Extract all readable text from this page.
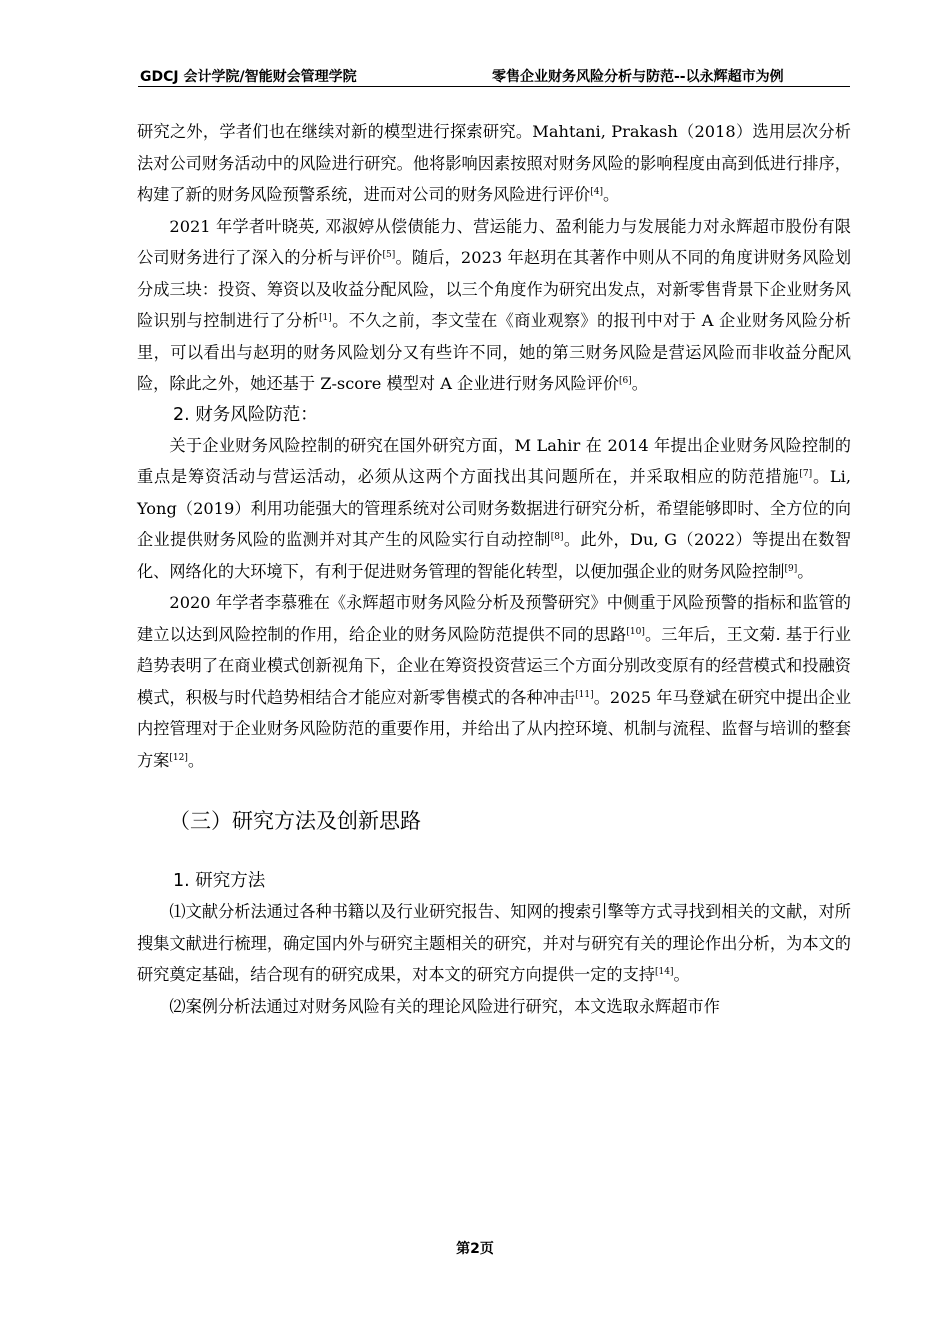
GDCJ 会计学院/智能财会管理学院	零售企业财务风险分析与防范--以永辉超市为例

研究之外，学者们也在继续对新的模型进行探索研究。Mahtani, Prakash（2018）选用层次分析法对公司财务活动中的风险进行研究。他将影响因素按照对财务风险的影响程度由高到低进行排序，构建了新的财务风险预警系统，进而对公司的财务风险进行评价[4]。

2021 年学者叶晓英, 邓淑婷从偿债能力、营运能力、盈利能力与发展能力对永辉超市股份有限公司财务进行了深入的分析与评价[5]。随后，2023 年赵玥在其著作中则从不同的角度讲财务风险划分成三块：投资、筹资以及收益分配风险，以三个角度作为研究出发点，对新零售背景下企业财务风险识别与控制进行了分析[1]。不久之前，李文莹在《商业观察》的报刊中对于 A 企业财务风险分析里，可以看出与赵玥的财务风险划分又有些许不同，她的第三财务风险是营运风险而非收益分配风险，除此之外，她还基于 Z-score 模型对 A 企业进行财务风险评价[6]。

2. 财务风险防范：

关于企业财务风险控制的研究在国外研究方面，M Lahir 在 2014 年提出企业财务风险控制的重点是筹资活动与营运活动，必须从这两个方面找出其问题所在，并采取相应的防范措施[7]。Li, Yong（2019）利用功能强大的管理系统对公司财务数据进行研究分析，希望能够即时、全方位的向企业提供财务风险的监测并对其产生的风险实行自动控制[8]。此外，Du, G（2022）等提出在数智化、网络化的大环境下，有利于促进财务管理的智能化转型，以便加强企业的财务风险控制[9]。

2020 年学者李慕雅在《永辉超市财务风险分析及预警研究》中侧重于风险预警的指标和监管的建立以达到风险控制的作用，给企业的财务风险防范提供不同的思路[10]。三年后，王文菊. 基于行业趋势表明了在商业模式创新视角下，企业在筹资投资营运三个方面分别改变原有的经营模式和投融资模式，积极与时代趋势相结合才能应对新零售模式的各种冲击[11]。2025 年马登斌在研究中提出企业内控管理对于企业财务风险防范的重要作用，并给出了从内控环境、机制与流程、监督与培训的整套方案[12]。

（三）研究方法及创新思路
1. 研究方法

⑴文献分析法通过各种书籍以及行业研究报告、知网的搜索引擎等方式寻找到相关的文献，对所搜集文献进行梳理，确定国内外与研究主题相关的研究，并对与研究有关的理论作出分析，为本文的研究奠定基础，结合现有的研究成果，对本文的研究方向提供一定的支持[14]。

⑵案例分析法通过对财务风险有关的理论风险进行研究，本文选取永辉超市作

第2页
